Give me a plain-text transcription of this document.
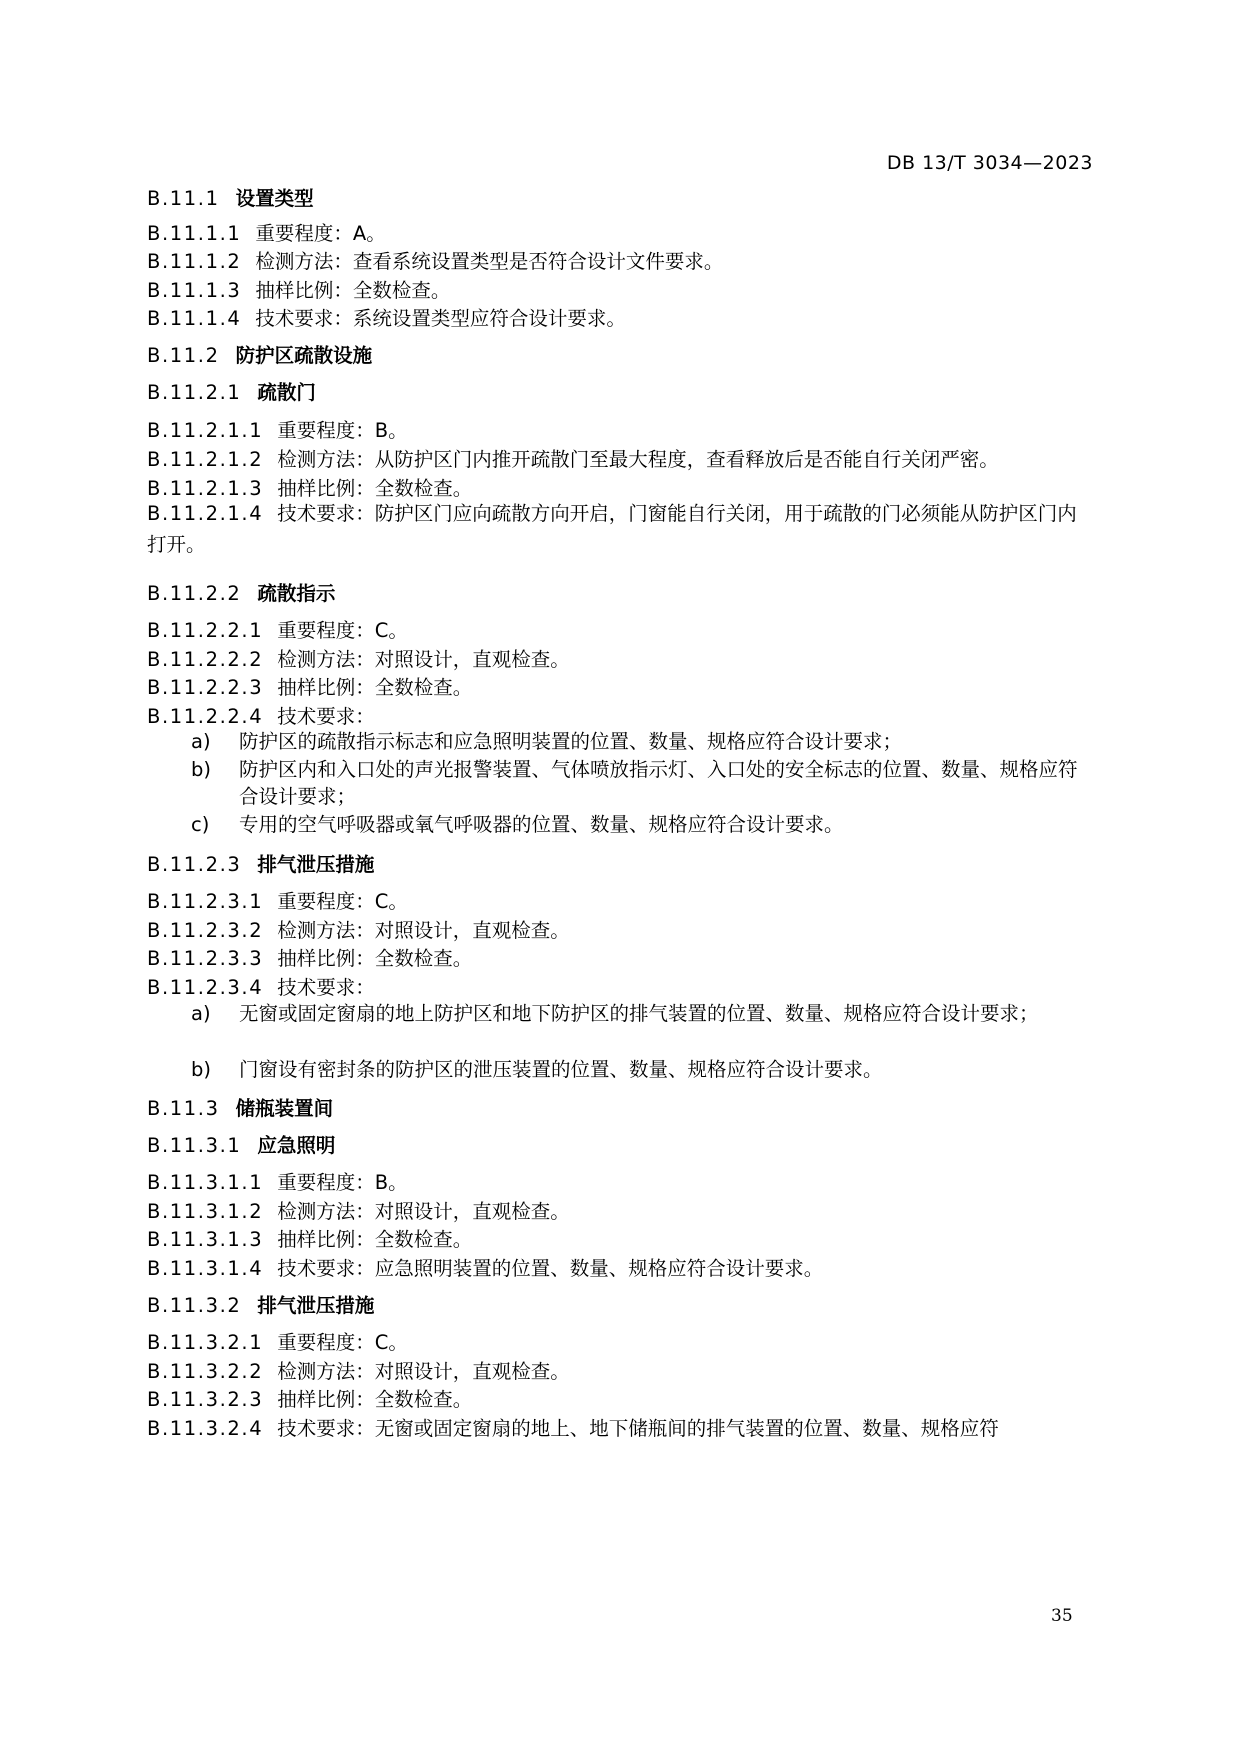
DB 13/T 3034—2023
B.11.1 设置类型
B.11.1.1 重要程度：A。
B.11.1.2 检测方法：查看系统设置类型是否符合设计文件要求。
B.11.1.3 抽样比例：全数检查。
B.11.1.4 技术要求：系统设置类型应符合设计要求。
B.11.2 防护区疏散设施
B.11.2.1 疏散门
B.11.2.1.1 重要程度：B。
B.11.2.1.2 检测方法：从防护区门内推开疏散门至最大程度，查看释放后是否能自行关闭严密。
B.11.2.1.3 抽样比例：全数检查。
B.11.2.1.4 技术要求：防护区门应向疏散方向开启，门窗能自行关闭，用于疏散的门必须能从防护区门内打开。
B.11.2.2 疏散指示
B.11.2.2.1 重要程度：C。
B.11.2.2.2 检测方法：对照设计，直观检查。
B.11.2.2.3 抽样比例：全数检查。
B.11.2.2.4 技术要求：
a) 防护区的疏散指示标志和应急照明装置的位置、数量、规格应符合设计要求；
b) 防护区内和入口处的声光报警装置、气体喷放指示灯、入口处的安全标志的位置、数量、规格应符合设计要求；
c) 专用的空气呼吸器或氧气呼吸器的位置、数量、规格应符合设计要求。
B.11.2.3 排气泄压措施
B.11.2.3.1 重要程度：C。
B.11.2.3.2 检测方法：对照设计，直观检查。
B.11.2.3.3 抽样比例：全数检查。
B.11.2.3.4 技术要求：
a) 无窗或固定窗扇的地上防护区和地下防护区的排气装置的位置、数量、规格应符合设计要求；
b) 门窗设有密封条的防护区的泄压装置的位置、数量、规格应符合设计要求。
B.11.3 储瓶装置间
B.11.3.1 应急照明
B.11.3.1.1 重要程度：B。
B.11.3.1.2 检测方法：对照设计，直观检查。
B.11.3.1.3 抽样比例：全数检查。
B.11.3.1.4 技术要求：应急照明装置的位置、数量、规格应符合设计要求。
B.11.3.2 排气泄压措施
B.11.3.2.1 重要程度：C。
B.11.3.2.2 检测方法：对照设计，直观检查。
B.11.3.2.3 抽样比例：全数检查。
B.11.3.2.4 技术要求：无窗或固定窗扇的地上、地下储瓶间的排气装置的位置、数量、规格应符
35
